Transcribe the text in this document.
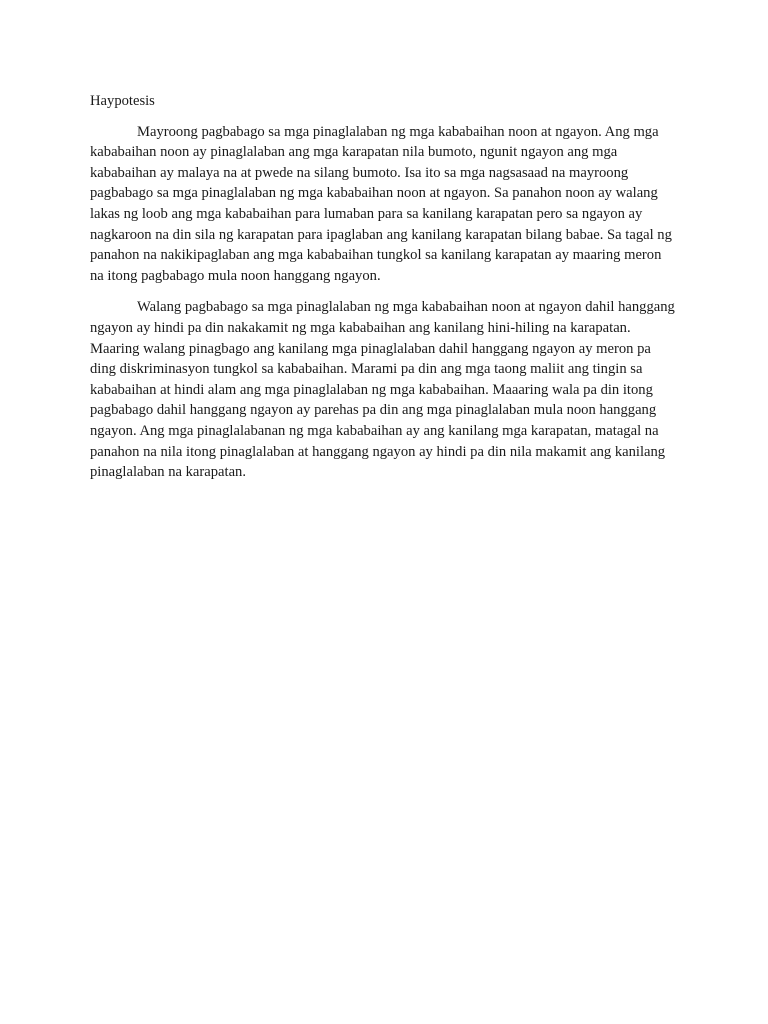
Haypotesis

Mayroong pagbabago sa mga pinaglalaban ng mga kababaihan noon at ngayon. Ang mga kababaihan noon ay pinaglalaban ang mga karapatan nila bumoto, ngunit ngayon ang mga kababaihan ay malaya na at pwede na silang bumoto. Isa ito sa mga nagsasaad na mayroong pagbabago sa mga pinaglalaban ng mga kababaihan noon at ngayon. Sa panahon noon ay walang lakas ng loob ang mga kababaihan para lumaban para sa kanilang karapatan pero sa ngayon ay nagkaroon na din sila ng karapatan para ipaglaban ang kanilang karapatan bilang babae. Sa tagal ng panahon na nakikipaglaban ang mga kababaihan tungkol sa kanilang karapatan ay maaring meron na itong pagbabago mula noon hanggang ngayon.

Walang pagbabago sa mga pinaglalaban ng mga kababaihan noon at ngayon dahil hanggang ngayon ay hindi pa din nakakamit ng mga kababaihan ang kanilang hini-hiling na karapatan. Maaring walang pinagbago ang kanilang mga pinaglalaban dahil hanggang ngayon ay meron pa ding diskriminasyon tungkol sa kababaihan. Marami pa din ang mga taong maliit ang tingin sa kababaihan at hindi alam ang mga pinaglalaban ng mga kababaihan. Maaaring wala pa din itong pagbabago dahil hanggang ngayon ay parehas pa din ang mga pinaglalaban mula noon hanggang ngayon. Ang mga pinaglalabanan ng mga kababaihan ay ang kanilang mga karapatan, matagal na panahon na nila itong pinaglalaban at hanggang ngayon ay hindi pa din nila makamit ang kanilang pinaglalaban na karapatan.
